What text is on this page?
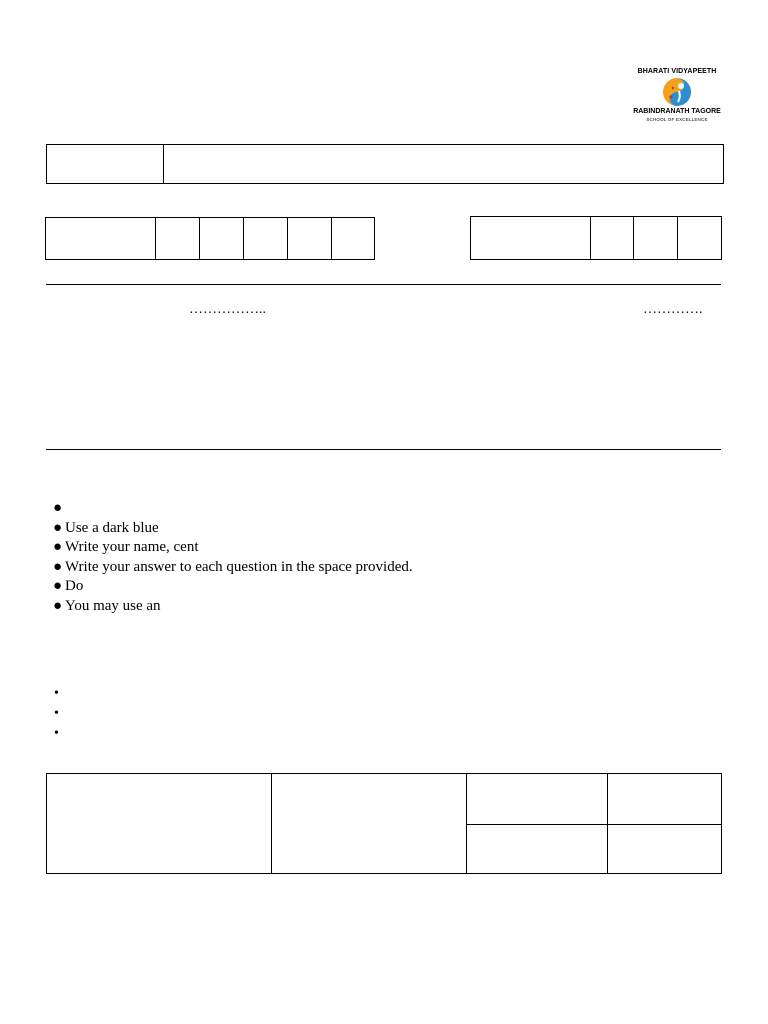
BHARATI VIDYAPEETH
RABINDRANATH TAGORE
SCHOOL OF EXCELLENCE
……………..	………….
●
● Use a dark blue
● Write your name, cent
● Write your answer to each question in the space provided.
● Do
● You may use an
•
•
•
